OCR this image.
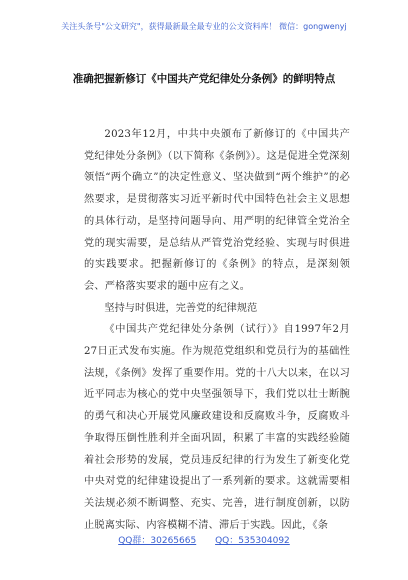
关注头条号"公文研究"，获得最新最全最专业的公文资料库！ 微信：gongwenyj
准确把握新修订《中国共产党纪律处分条例》的鲜明特点

2023年12月，中共中央颁布了新修订的《中国共产党纪律处分条例》（以下简称《条例》）。这是促进全党深刻领悟“两个确立”的决定性意义、坚决做到“两个维护”的必然要求，是贯彻落实习近平新时代中国特色社会主义思想的具体行动，是坚持问题导向、用严明的纪律管全党治全党的现实需要，是总结从严管党治党经验、实现与时俱进的实践要求。把握新修订的《条例》的特点，是深刻领会、严格落实要求的题中应有之义。

坚持与时俱进，完善党的纪律规范

《中国共产党纪律处分条例（试行）》自1997年2月27日正式发布实施。作为规范党组织和党员行为的基础性法规，《条例》发挥了重要作用。党的十八大以来，在以习近平同志为核心的党中央坚强领导下，我们党以壮士断腕的勇气和决心开展党风廉政建设和反腐败斗争，反腐败斗争取得压倒性胜利并全面巩固，积累了丰富的实践经验随着社会形势的发展，党员违反纪律的行为发生了新变化党中央对党的纪律建设提出了一系列新的要求。这就需要相关法规必须不断调整、充实、完善，进行制度创新，以防止脱离实际、内容模糊不清、滞后于实践。因此，《条

QQ群：30265665 QQ：535304092
